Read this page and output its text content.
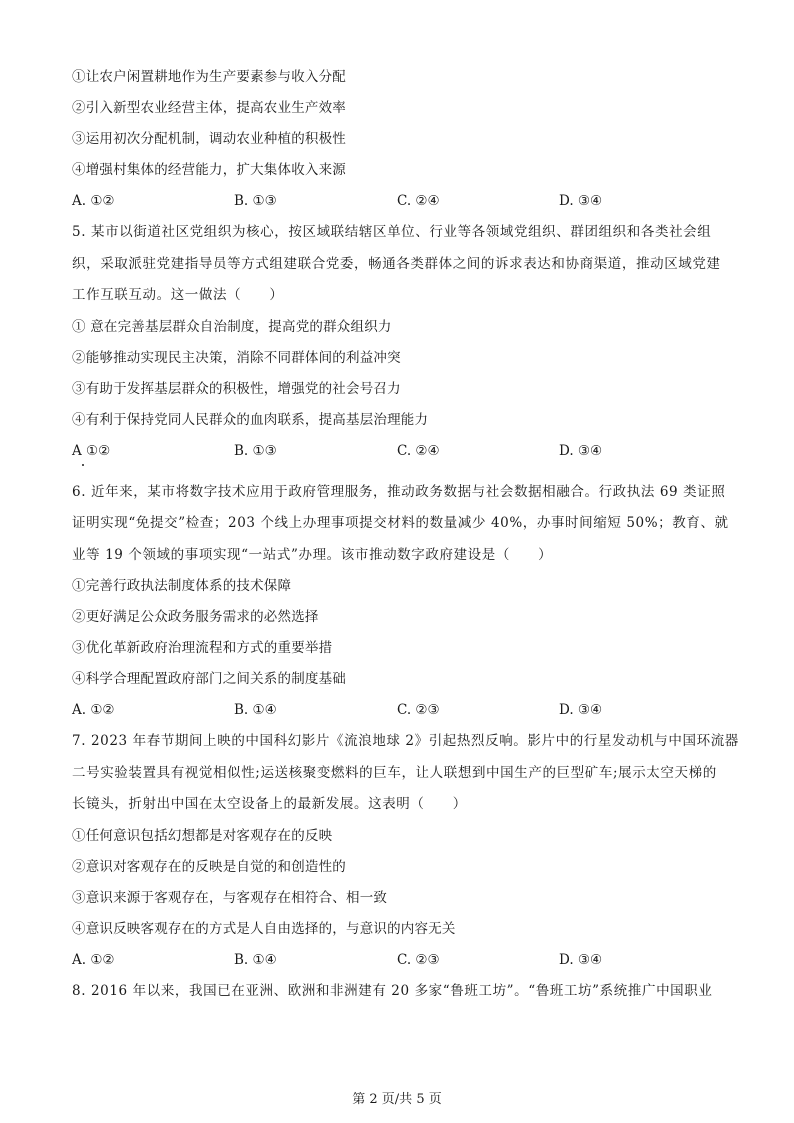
①让农户闲置耕地作为生产要素参与收入分配
②引入新型农业经营主体，提高农业生产效率
③运用初次分配机制，调动农业种植的积极性
④增强村集体的经营能力，扩大集体收入来源
A. ①②	B. ①③	C. ②④	D. ③④
5. 某市以街道社区党组织为核心，按区域联结辖区单位、行业等各领域党组织、群团组织和各类社会组
织，采取派驻党建指导员等方式组建联合党委，畅通各类群体之间的诉求表达和协商渠道，推动区域党建
工作互联互动。这一做法（　　）
① 意在完善基层群众自治制度，提高党的群众组织力
②能够推动实现民主决策，消除不同群体间的利益冲突
③有助于发挥基层群众的积极性，增强党的社会号召力
④有利于保持党同人民群众的血肉联系，提高基层治理能力
A ①②	B. ①③	C. ②④	D. ③④
6. 近年来，某市将数字技术应用于政府管理服务，推动政务数据与社会数据相融合。行政执法 69 类证照
证明实现“免提交”检查；203 个线上办理事项提交材料的数量减少 40%，办事时间缩短 50%；教育、就
业等 19 个领域的事项实现“一站式”办理。该市推动数字政府建设是（　　）
①完善行政执法制度体系的技术保障
②更好满足公众政务服务需求的必然选择
③优化革新政府治理流程和方式的重要举措
④科学合理配置政府部门之间关系的制度基础
A. ①②	B. ①④	C. ②③	D. ③④
7. 2023 年春节期间上映的中国科幻影片《流浪地球 2》引起热烈反响。影片中的行星发动机与中国环流器
二号实验装置具有视觉相似性;运送核聚变燃料的巨车，让人联想到中国生产的巨型矿车;展示太空天梯的
长镜头，折射出中国在太空设备上的最新发展。这表明（　　）
①任何意识包括幻想都是对客观存在的反映
②意识对客观存在的反映是自觉的和创造性的
③意识来源于客观存在，与客观存在相符合、相一致
④意识反映客观存在的方式是人自由选择的，与意识的内容无关
A. ①②	B. ①④	C. ②③	D. ③④
8. 2016 年以来，我国已在亚洲、欧洲和非洲建有 20 多家“鲁班工坊”。“鲁班工坊”系统推广中国职业
第 2 页/共 5 页
